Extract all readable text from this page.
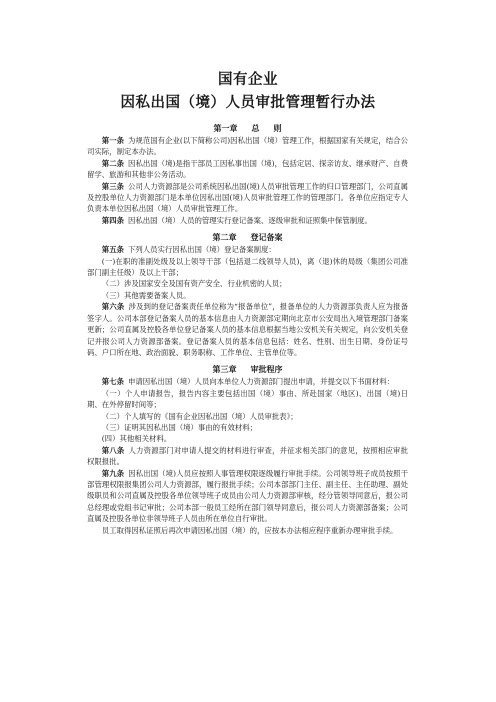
国有企业
因私出国（境）人员审批管理暂行办法
第一章 总 则

第一条 为规范国有企业(以下简称公司)因私出国（境）管理工作，根据国家有关规定，结合公司实际，制定本办法。

第二条 因私出国（境)是指干部员工因私事出国（境)，包括定居、探亲访友、继承财产、自费留学、旅游和其他非公务活动。

第三条 公司人力资源部是公司系统因私出国(境)人员审批管理工作的归口管理部门，公司直属及控股单位人力资源部门是本单位因私出国(境)人员审批管理工作的管理部门。各单位应指定专人负责本单位因私出国（境）人员审批管理工作。

第四条 因私出国（境）人员的管理实行登记备案、逐级审批和证照集中保管制度。

第二章 登记备案

第五条 下列人员实行因私出国（境）登记备案制度：

(一)在职的准副处级及以上领导干部（包括退二线领导人员)，离（退)休的局级（集团公司准部门副主任级）及以上干部；

（二）涉及国家安全及国有资产安全、行业机密的人员；

（三）其他需要备案人员。

第六条 涉及到的登记备案责任单位称为“报备单位”，报备单位的人力资源部负责人应为报备签字人。公司本部登记备案人员的基本信息由人力资源部定期向北京市公安局出入境管理部门备案更新；公司直属及控股各单位登记备案人员的基本信息根据当地公安机关有关规定，向公安机关登记并报公司人力资源部备案。登记备案人员的基本信息包括：姓名、性别、出生日期、身份证号码、户口所在地、政治面貌、职务职称、工作单位、主管单位等。

第三章 审批程序

第七条 申请因私出国（境）人员向本单位人力资源部门提出申请，并提交以下书面材料：

（一）个人申请报告，报告内容主要包括出国（境）事由、所赴国家（地区)、出国（境)日期、在外停留时间等；

（二）个人填写的《国有企业因私出国（境）人员审批表》；

（三）证明其因私出国（境）事由的有效材料；

(四）其他相关材料。

第八条 人力资源部门对申请人提交的材料进行审查，并征求相关部门的意见，按照相应审批权限报批。

第九条 因私出国（境)人员应按照人事管理权限逐级履行审批手续。公司领导班子成员按照干部管理权限报集团公司人力资源部，履行报批手续；公司本部部门主任、副主任、主任助理、副处级职员和公司直属及控股各单位领导班子成员由公司人力资源部审核，经分管领导同意后，报公司总经理或党组书记审批；公司本部一般员工经所在部门领导同意后，报公司人力资源部备案；公司直属及控股各单位非领导班子人员由所在单位自行审批。

员工取得因私证照后再次申请因私出国（境）的，应按本办法相应程序重新办理审批手续。
